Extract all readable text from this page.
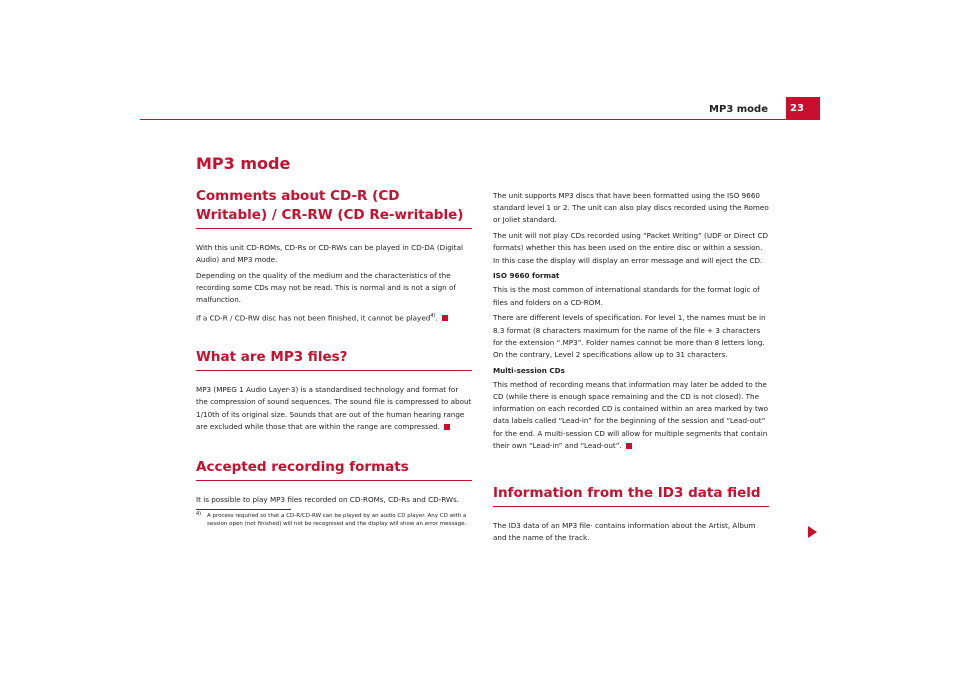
MP3 mode	23
MP3 mode
Comments about CD-R (CD Writable) / CR-RW (CD Re-writable)

With this unit CD-ROMs, CD-Rs or CD-RWs can be played in CD-DA (Digital Audio) and MP3 mode.

Depending on the quality of the medium and the characteristics of the recording some CDs may not be read. This is normal and is not a sign of malfunction.

If a CD-R / CD-RW disc has not been finished, it cannot be played$^{4)}$.

What are MP3 files?

MP3 (MPEG 1 Audio Layer-3) is a standardised technology and format for the compression of sound sequences. The sound file is compressed to about 1/10th of its original size. Sounds that are out of the human hearing range are excluded while those that are within the range are compressed.

Accepted recording formats

It is possible to play MP3 files recorded on CD-ROMs, CD-Rs and CD-RWs.

The unit supports MP3 discs that have been formatted using the ISO 9660 standard level 1 or 2. The unit can also play discs recorded using the Romeo or Joliet standard.

The unit will not play CDs recorded using “Packet Writing” (UDF or Direct CD formats) whether this has been used on the entire disc or within a session. In this case the display will display an error message and will eject the CD.

ISO 9660 format

This is the most common of international standards for the format logic of files and folders on a CD-ROM.

There are different levels of specification. For level 1, the names must be in 8.3 format (8 characters maximum for the name of the file + 3 characters for the extension “.MP3”. Folder names cannot be more than 8 letters long. On the contrary, Level 2 specifications allow up to 31 characters.

Multi-session CDs

This method of recording means that information may later be added to the CD (while there is enough space remaining and the CD is not closed). The information on each recorded CD is contained within an area marked by two data labels called “Lead-in” for the beginning of the session and “Lead-out” for the end. A multi-session CD will allow for multiple segments that contain their own “Lead-in” and “Lead-out”.

Information from the ID3 data field

The ID3 data of an MP3 file· contains information about the Artist, Album and the name of the track.

4) A process required so that a CD-R/CD-RW can be played by an audio CD player. Any CD with a session open (not finished) will not be recognised and the display will show an error message.
